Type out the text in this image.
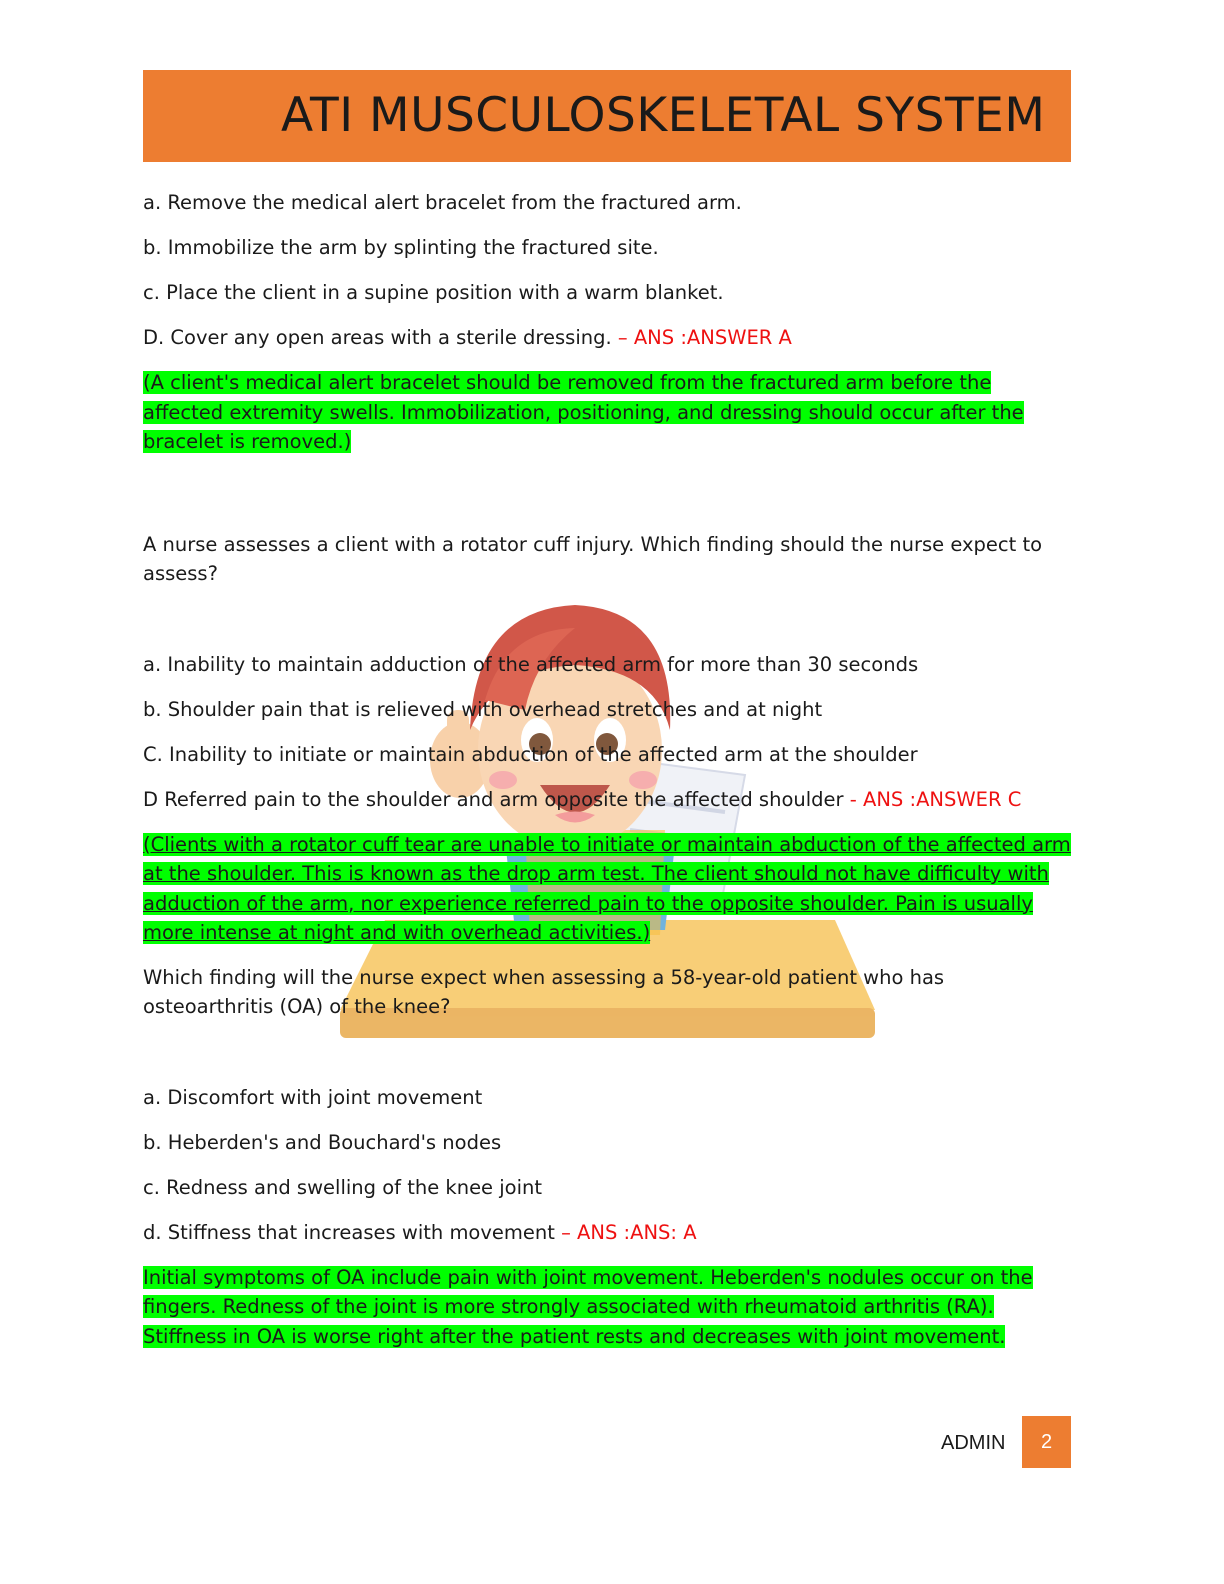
ATI MUSCULOSKELETAL SYSTEM

a. Remove the medical alert bracelet from the fractured arm.

b. Immobilize the arm by splinting the fractured site.

c. Place the client in a supine position with a warm blanket.

D. Cover any open areas with a sterile dressing. – ANS :ANSWER A

(A client's medical alert bracelet should be removed from the fractured arm before the affected extremity swells. Immobilization, positioning, and dressing should occur after the bracelet is removed.)

A nurse assesses a client with a rotator cuff injury. Which finding should the nurse expect to assess?

a. Inability to maintain adduction of the affected arm for more than 30 seconds

b. Shoulder pain that is relieved with overhead stretches and at night

C. Inability to initiate or maintain abduction of the affected arm at the shoulder

D Referred pain to the shoulder and arm opposite the affected shoulder - ANS :ANSWER C

(Clients with a rotator cuff tear are unable to initiate or maintain abduction of the affected arm at the shoulder. This is known as the drop arm test. The client should not have difficulty with adduction of the arm, nor experience referred pain to the opposite shoulder. Pain is usually more intense at night and with overhead activities.)

Which finding will the nurse expect when assessing a 58-year-old patient who has osteoarthritis (OA) of the knee?

a. Discomfort with joint movement

b. Heberden's and Bouchard's nodes

c. Redness and swelling of the knee joint

d. Stiffness that increases with movement – ANS :ANS: A

Initial symptoms of OA include pain with joint movement. Heberden's nodules occur on the fingers. Redness of the joint is more strongly associated with rheumatoid arthritis (RA). Stiffness in OA is worse right after the patient rests and decreases with joint movement.

ADMIN	2
